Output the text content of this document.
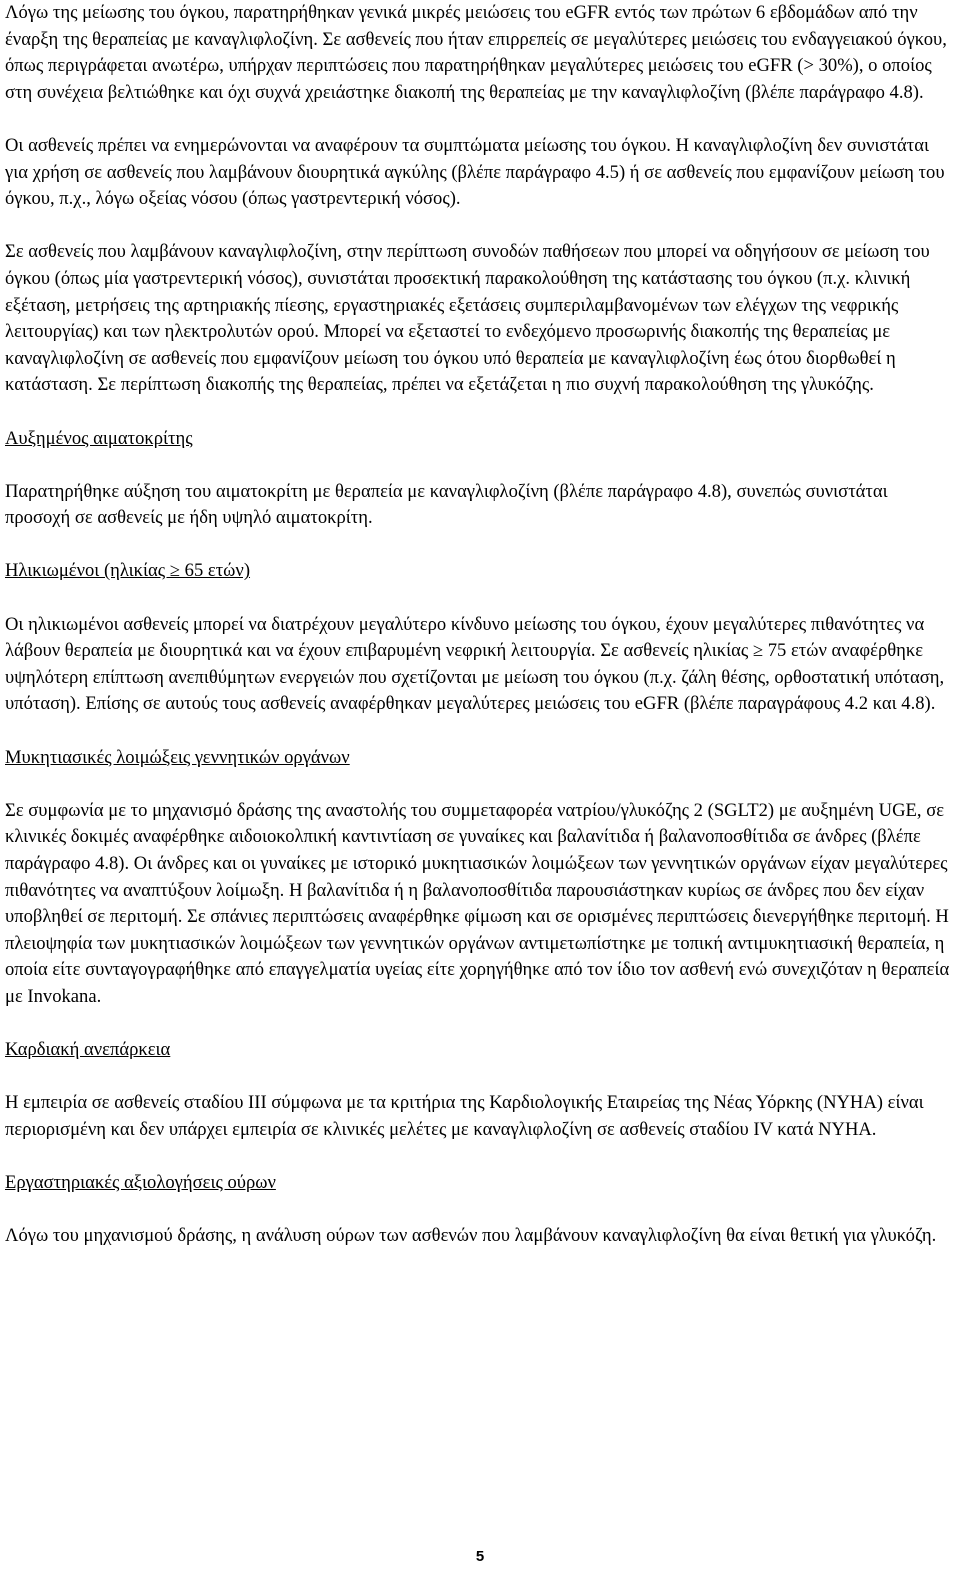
Λόγω της μείωσης του όγκου, παρατηρήθηκαν γενικά μικρές μειώσεις του eGFR εντός των πρώτων 6 εβδομάδων από την έναρξη της θεραπείας με καναγλιφλοζίνη. Σε ασθενείς που ήταν επιρρεπείς σε μεγαλύτερες μειώσεις του ενδαγγειακού όγκου, όπως περιγράφεται ανωτέρω, υπήρχαν περιπτώσεις που παρατηρήθηκαν μεγαλύτερες μειώσεις του eGFR (> 30%), ο οποίος στη συνέχεια βελτιώθηκε και όχι συχνά χρειάστηκε διακοπή της θεραπείας με την καναγλιφλοζίνη (βλέπε παράγραφο 4.8).

Οι ασθενείς πρέπει να ενημερώνονται να αναφέρουν τα συμπτώματα μείωσης του όγκου. Η καναγλιφλοζίνη δεν συνιστάται για χρήση σε ασθενείς που λαμβάνουν διουρητικά αγκύλης (βλέπε παράγραφο 4.5) ή σε ασθενείς που εμφανίζουν μείωση του όγκου, π.χ., λόγω οξείας νόσου (όπως γαστρεντερική νόσος).

Σε ασθενείς που λαμβάνουν καναγλιφλοζίνη, στην περίπτωση συνοδών παθήσεων που μπορεί να οδηγήσουν σε μείωση του όγκου (όπως μία γαστρεντερική νόσος), συνιστάται προσεκτική παρακολούθηση της κατάστασης του όγκου (π.χ. κλινική εξέταση, μετρήσεις της αρτηριακής πίεσης, εργαστηριακές εξετάσεις συμπεριλαμβανομένων των ελέγχων της νεφρικής λειτουργίας) και των ηλεκτρολυτών ορού. Μπορεί να εξεταστεί το ενδεχόμενο προσωρινής διακοπής της θεραπείας με καναγλιφλοζίνη σε ασθενείς που εμφανίζουν μείωση του όγκου υπό θεραπεία με καναγλιφλοζίνη έως ότου διορθωθεί η κατάσταση. Σε περίπτωση διακοπής της θεραπείας, πρέπει να εξετάζεται η πιο συχνή παρακολούθηση της γλυκόζης.

Αυξημένος αιματοκρίτης

Παρατηρήθηκε αύξηση του αιματοκρίτη με θεραπεία με καναγλιφλοζίνη (βλέπε παράγραφο 4.8), συνεπώς συνιστάται προσοχή σε ασθενείς με ήδη υψηλό αιματοκρίτη.

Ηλικιωμένοι (ηλικίας ≥ 65 ετών)

Οι ηλικιωμένοι ασθενείς μπορεί να διατρέχουν μεγαλύτερο κίνδυνο μείωσης του όγκου, έχουν μεγαλύτερες πιθανότητες να λάβουν θεραπεία με διουρητικά και να έχουν επιβαρυμένη νεφρική λειτουργία. Σε ασθενείς ηλικίας ≥ 75 ετών αναφέρθηκε υψηλότερη επίπτωση ανεπιθύμητων ενεργειών που σχετίζονται με μείωση του όγκου (π.χ. ζάλη θέσης, ορθοστατική υπόταση, υπόταση). Επίσης σε αυτούς τους ασθενείς αναφέρθηκαν μεγαλύτερες μειώσεις του eGFR (βλέπε παραγράφους 4.2 και 4.8).

Μυκητιασικές λοιμώξεις γεννητικών οργάνων

Σε συμφωνία με το μηχανισμό δράσης της αναστολής του συμμεταφορέα νατρίου/γλυκόζης 2 (SGLT2) με αυξημένη UGE, σε κλινικές δοκιμές αναφέρθηκε αιδοιοκολπική καντιντίαση σε γυναίκες και βαλανίτιδα ή βαλανοποσθίτιδα σε άνδρες (βλέπε παράγραφο 4.8). Οι άνδρες και οι γυναίκες με ιστορικό μυκητιασικών λοιμώξεων των γεννητικών οργάνων είχαν μεγαλύτερες πιθανότητες να αναπτύξουν λοίμωξη. Η βαλανίτιδα ή η βαλανοποσθίτιδα παρουσιάστηκαν κυρίως σε άνδρες που δεν είχαν υποβληθεί σε περιτομή. Σε σπάνιες περιπτώσεις αναφέρθηκε φίμωση και σε ορισμένες περιπτώσεις διενεργήθηκε περιτομή. Η πλειοψηφία των μυκητιασικών λοιμώξεων των γεννητικών οργάνων αντιμετωπίστηκε με τοπική αντιμυκητιασική θεραπεία, η οποία είτε συνταγογραφήθηκε από επαγγελματία υγείας είτε χορηγήθηκε από τον ίδιο τον ασθενή ενώ συνεχιζόταν η θεραπεία με Invokana.

Καρδιακή ανεπάρκεια

Η εμπειρία σε ασθενείς σταδίου III σύμφωνα με τα κριτήρια της Καρδιολογικής Εταιρείας της Νέας Υόρκης (NYHA) είναι περιορισμένη και δεν υπάρχει εμπειρία σε κλινικές μελέτες με καναγλιφλοζίνη σε ασθενείς σταδίου IV κατά NYHA.

Εργαστηριακές αξιολογήσεις ούρων

Λόγω του μηχανισμού δράσης, η ανάλυση ούρων των ασθενών που λαμβάνουν καναγλιφλοζίνη θα είναι θετική για γλυκόζη.

5
